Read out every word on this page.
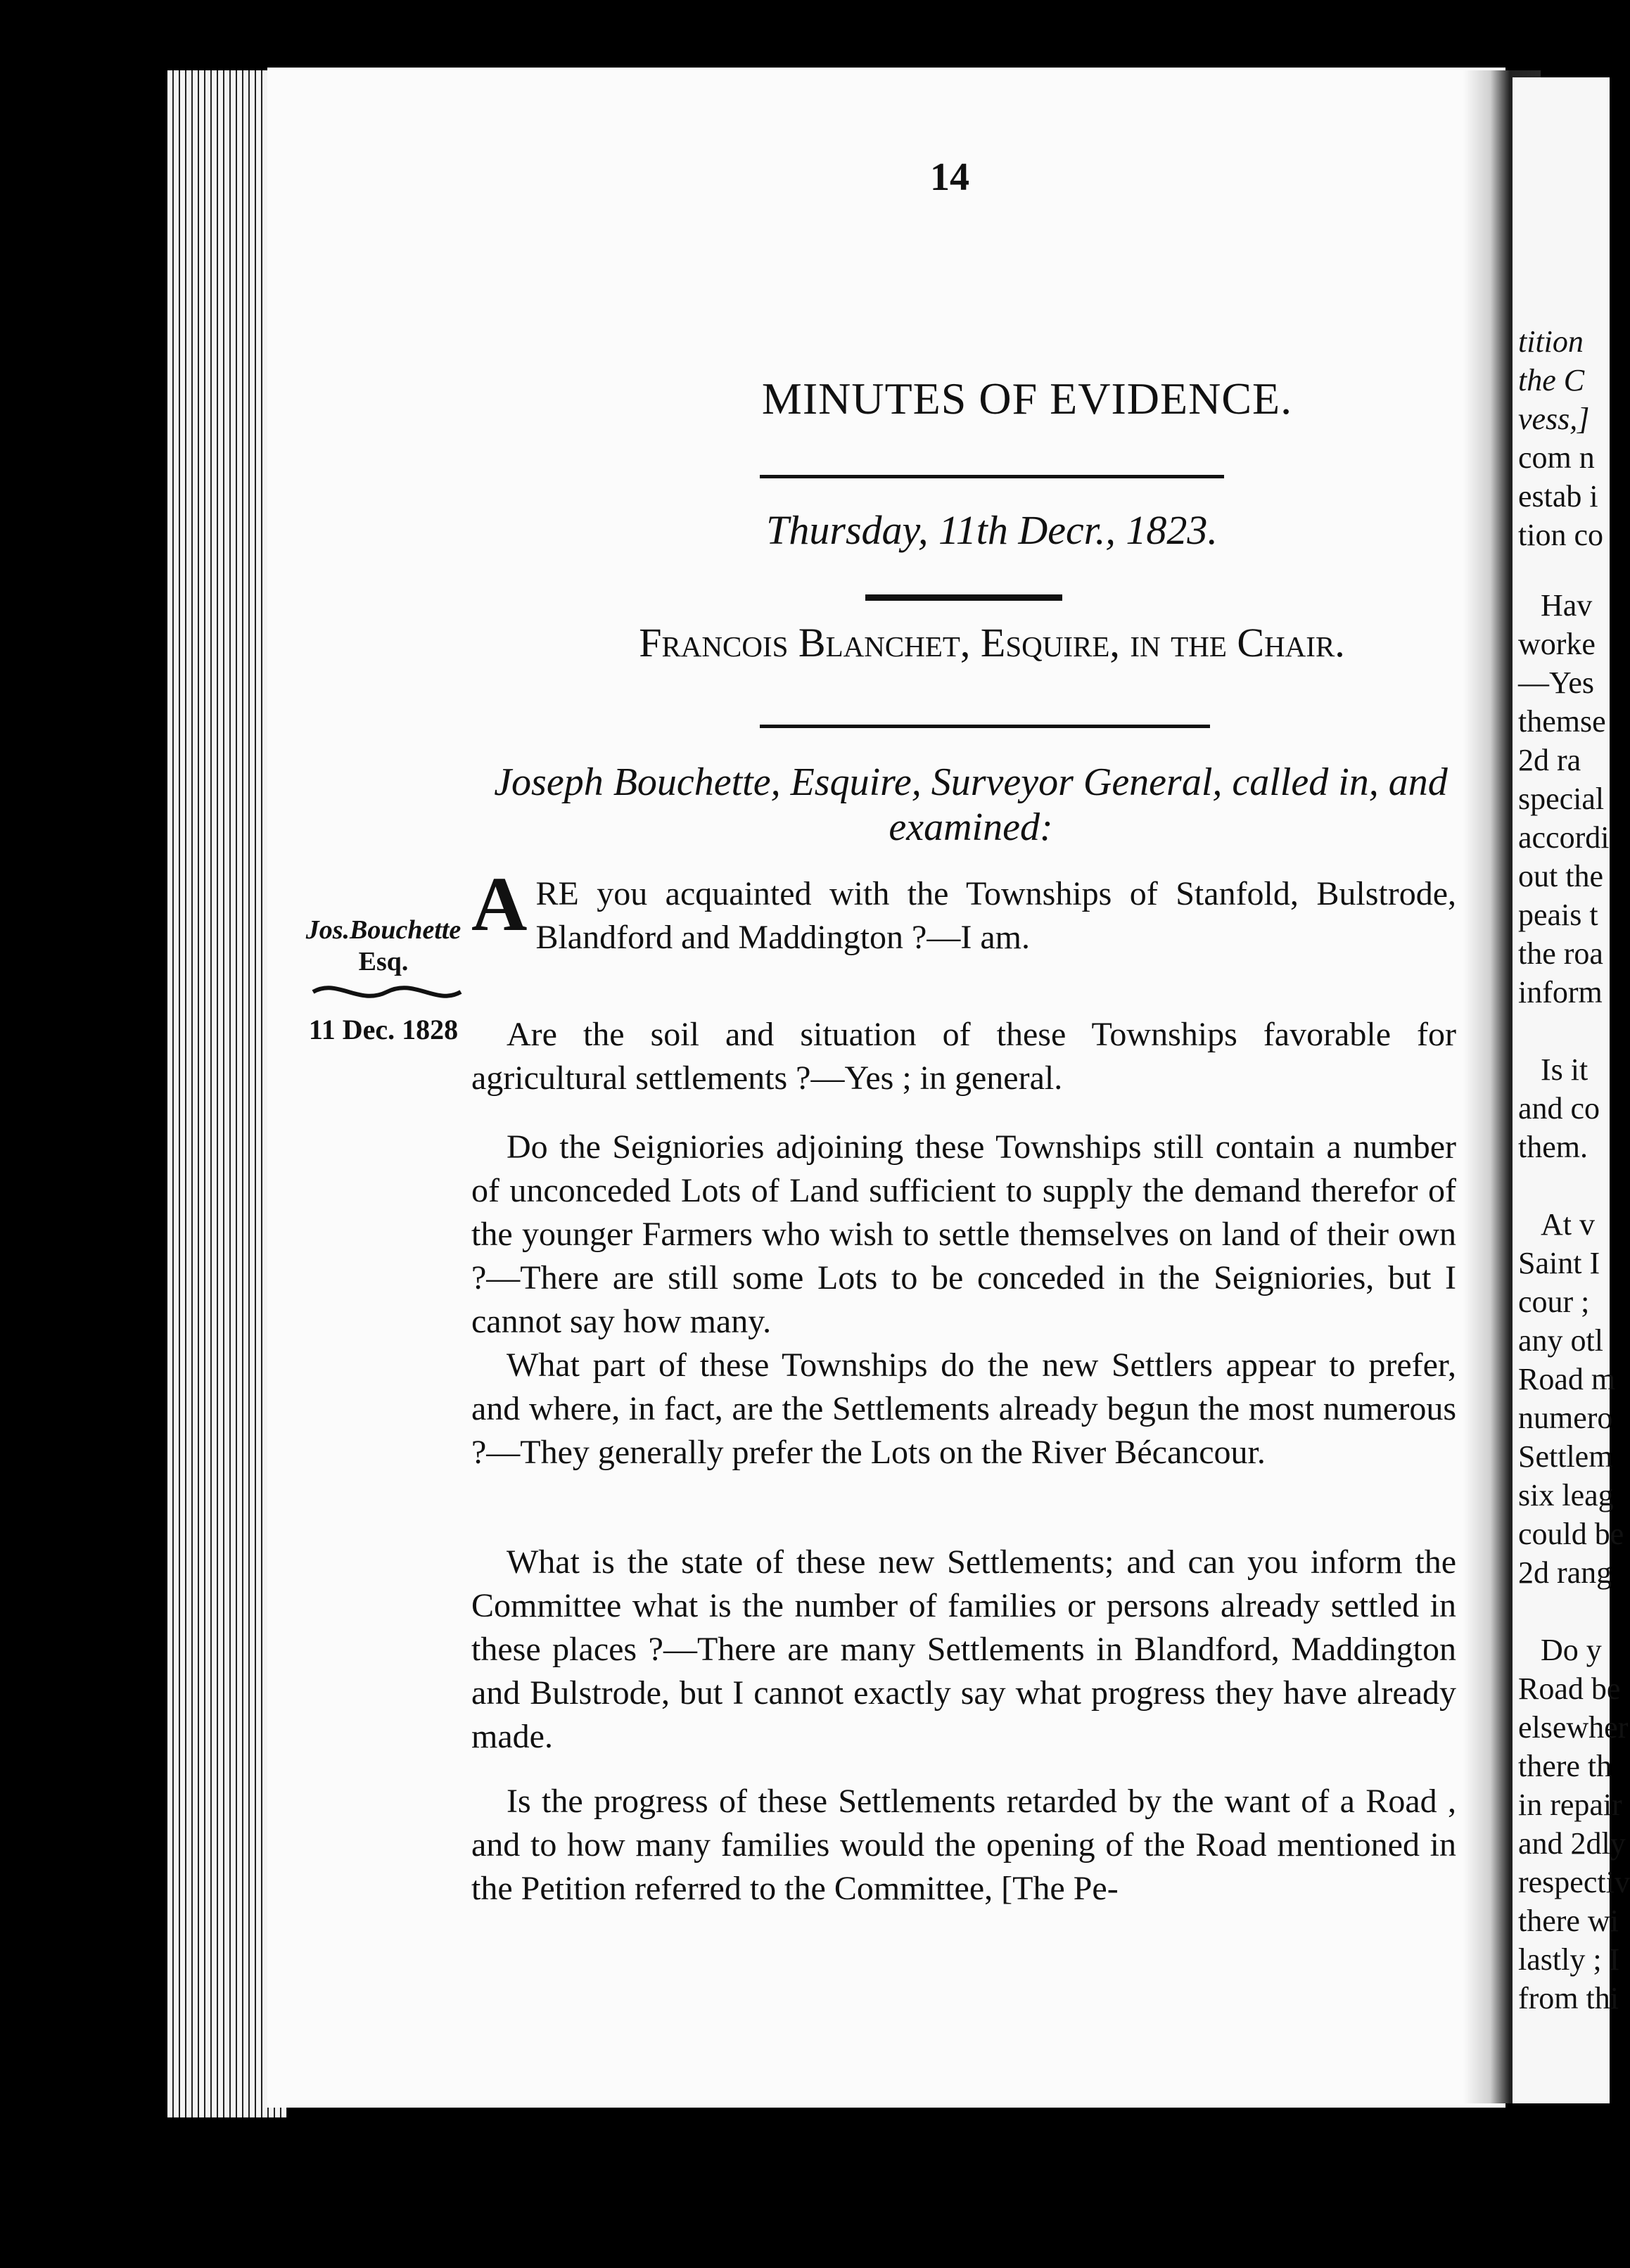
tition
the C
vess,]
com n
estab i
tion co
Hav
worke
—Yes
themse
2d ra
special
accordi
out the
peais t
the roa
inform
Is it
and co
them.
At v
Saint I
cour ;
any otl
Road m
numero
Settlem
six leag
could be
2d rang
Do y
Road be
elsewher
there th
in repair
and 2dly
respectiv
there wi
lastly ; I
from thi
14
MINUTES OF EVIDENCE.
Thursday, 11th Decr., 1823.
Francois Blanchet, Esquire, in the Chair.
Joseph Bouchette, Esquire, Surveyor General, called in, and examined:
Jos.Bouchette
Esq.
11 Dec. 1828
A RE you acquainted with the Townships of Stanfold, Bulstrode, Blandford and Maddington ?—I am.
Are the soil and situation of these Townships favorable for agricultural settlements ?—Yes ; in general.
Do the Seigniories adjoining these Townships still contain a number of unconceded Lots of Land sufficient to supply the demand therefor of the younger Farmers who wish to settle themselves on land of their own ?—There are still some Lots to be conceded in the Seigniories, but I cannot say how many.
What part of these Townships do the new Settlers appear to prefer, and where, in fact, are the Settlements already begun the most numerous ?—They generally prefer the Lots on the River Bécancour.
What is the state of these new Settlements; and can you inform the Committee what is the number of families or persons already settled in these places ?—There are many Settlements in Blandford, Maddington and Bulstrode, but I cannot exactly say what progress they have already made.
Is the progress of these Settlements retarded by the want of a Road , and to how many families would the opening of the Road mentioned in the Petition referred to the Committee, [The Pe-
